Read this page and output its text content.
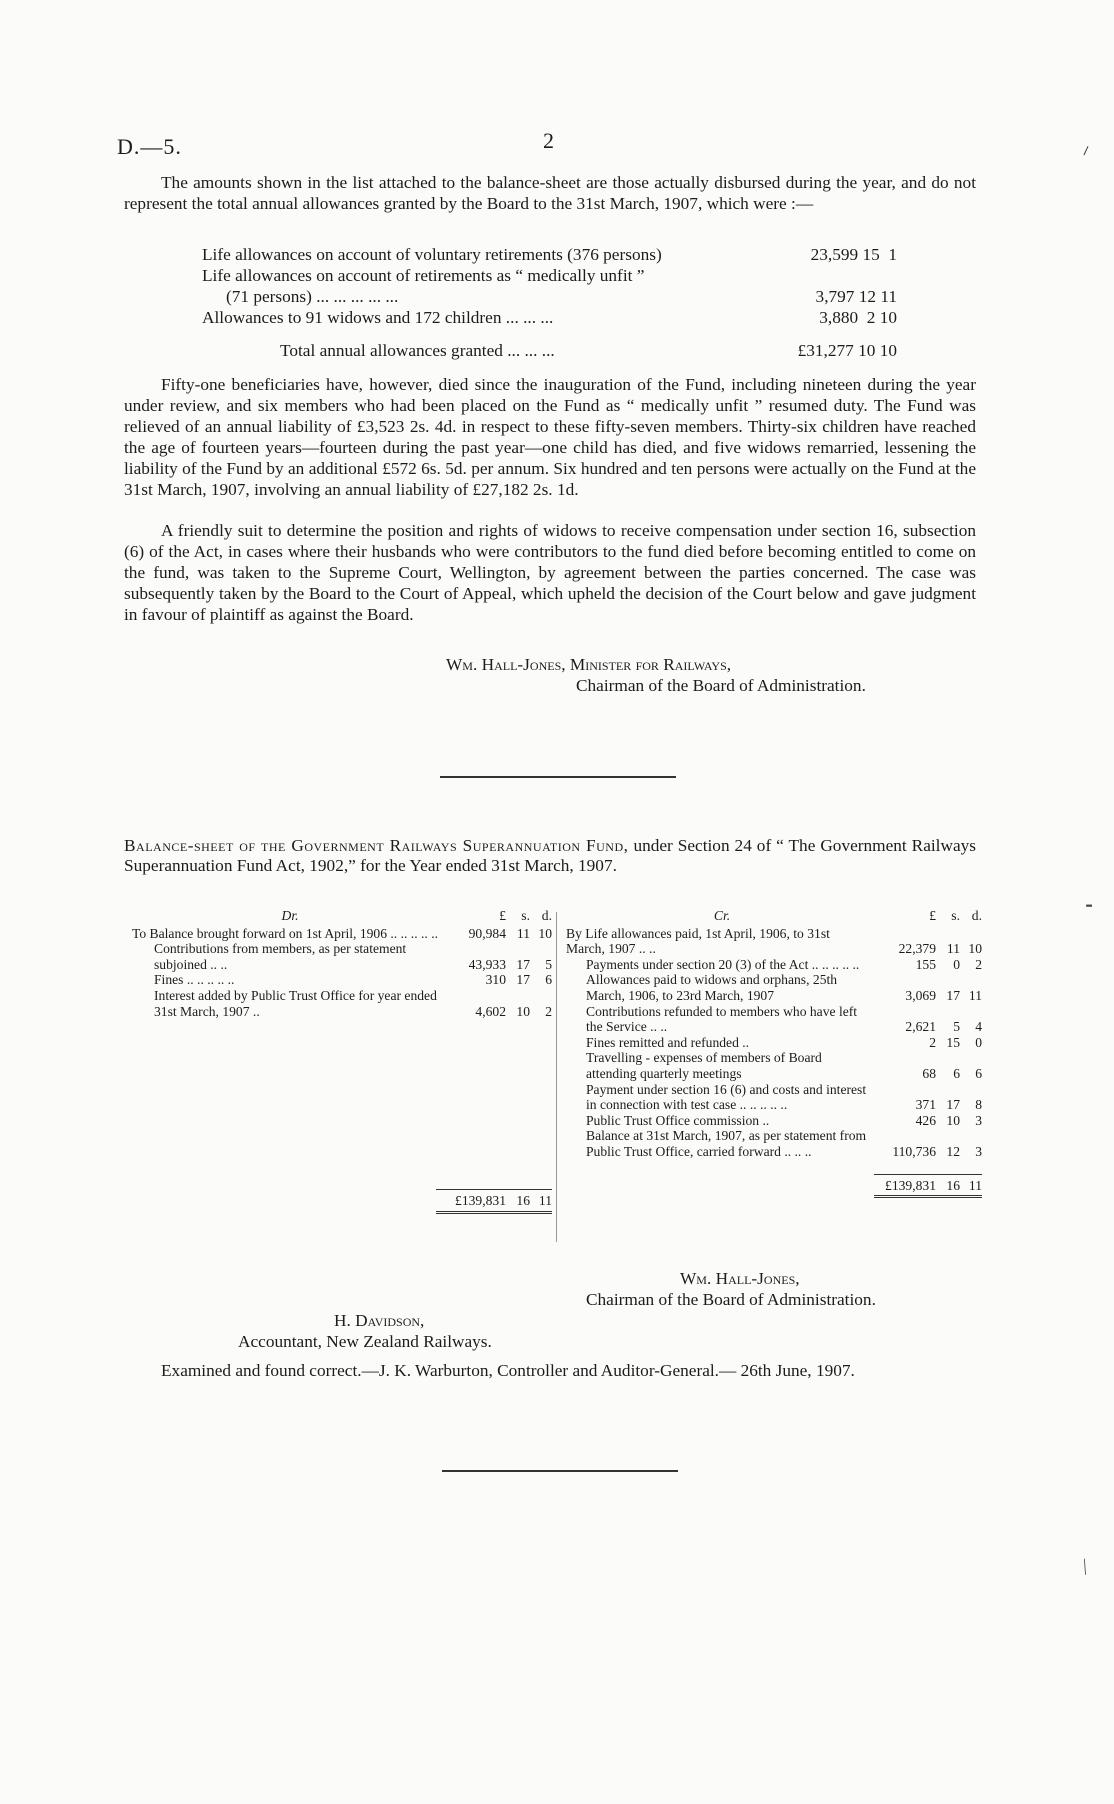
⸍
⁃
⁄
D.—5.	2

The amounts shown in the list attached to the balance-sheet are those actually disbursed during the year, and do not represent the total annual allowances granted by the Board to the 31st March, 1907, which were :—

Life allowances on account of voluntary retirements (376 persons)	23,599 15  1
Life allowances on account of retirements as “ medically unfit ”
(71 persons) ... ... ... ... ...	3,797 12 11
Allowances to 91 widows and 172 children ... ... ...	3,880  2 10
Total annual allowances granted ... ... ...	£31,277 10 10

Fifty-one beneficiaries have, however, died since the inauguration of the Fund, including nineteen during the year under review, and six members who had been placed on the Fund as “ medically unfit ” resumed duty. The Fund was relieved of an annual liability of £3,523 2s. 4d. in respect to these fifty-seven members. Thirty-six children have reached the age of fourteen years—fourteen during the past year—one child has died, and five widows remarried, lessening the liability of the Fund by an additional £572 6s. 5d. per annum. Six hundred and ten persons were actually on the Fund at the 31st March, 1907, involving an annual liability of £27,182 2s. 1d.

A friendly suit to determine the position and rights of widows to receive compensation under section 16, subsection (6) of the Act, in cases where their husbands who were contributors to the fund died before becoming entitled to come on the fund, was taken to the Supreme Court, Wellington, by agreement between the parties concerned. The case was subsequently taken by the Board to the Court of Appeal, which upheld the decision of the Court below and gave judgment in favour of plaintiff as against the Board.

Wm. Hall-Jones, Minister for Railways,
Chairman of the Board of Administration.
Balance-sheet of the Government Railways Superannuation Fund, under Section 24 of “ The Government Railways Superannuation Fund Act, 1902,” for the Year ended 31st March, 1907.
Dr.	£	s. d.
To Balance brought forward on 1st April, 1906 .. .. .. .. ..	90,984 11 10
Contributions from members, as per statement subjoined .. ..	43,933 17	5
Fines .. .. .. .. ..	310 17	6
Interest added by Public Trust Office for year ended 31st March, 1907 ..	4,602 10	2
£139,831 16 11
Cr.	£	s. d.
By Life allowances paid, 1st April, 1906, to 31st March, 1907 .. ..	22,379 11 10
Payments under section 20 (3) of the Act .. .. .. .. ..	155	0	2
Allowances paid to widows and orphans, 25th March, 1906, to 23rd March, 1907	3,069 17 11
Contributions refunded to members who have left the Service .. ..	2,621	5	4
Fines remitted and refunded ..	2 15	0
Travelling - expenses of members of Board attending quarterly meetings	68	6	6
Payment under section 16 (6) and costs and interest in connection with test case .. .. .. .. ..	371 17	8
Public Trust Office commission ..	426 10	3
Balance at 31st March, 1907, as per statement from Public Trust Office, carried forward .. .. ..	110,736 12	3
£139,831 16 11
Wm. Hall-Jones,
Chairman of the Board of Administration.
H. Davidson,
Accountant, New Zealand Railways.

Examined and found correct.—J. K. Warburton, Controller and Auditor-General.— 26th June, 1907.
